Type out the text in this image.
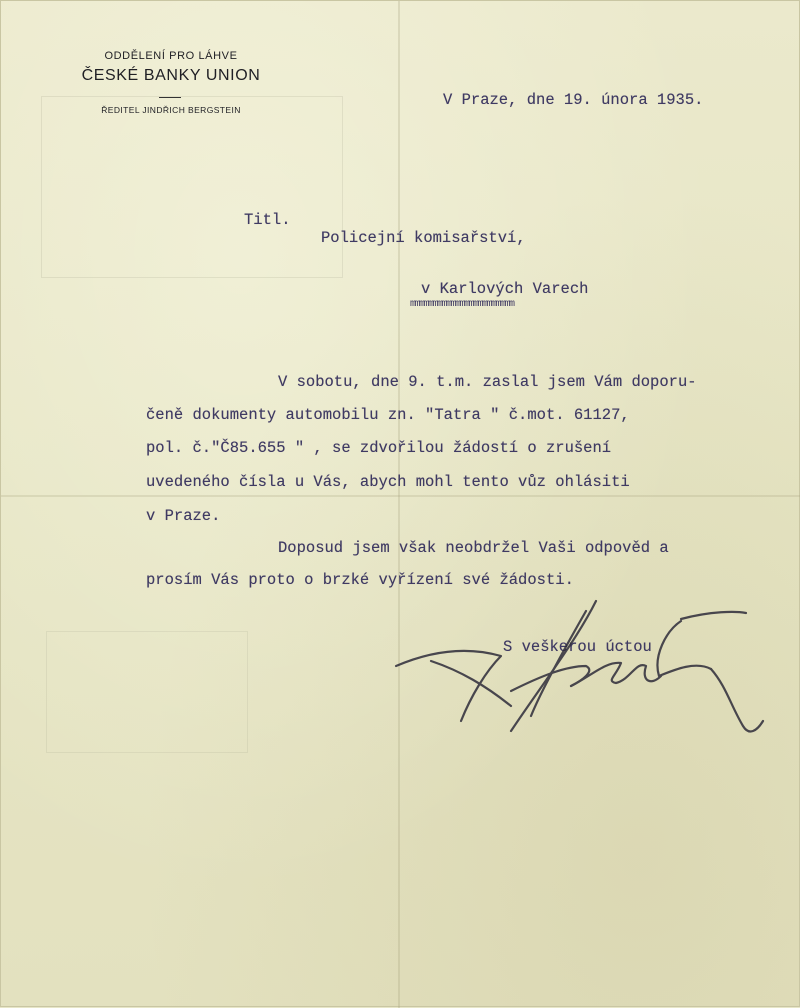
ODDĚLENÍ PRO LÁHVE
ČESKÉ BANKY UNION
ŘEDITEL JINDŘICH BERGSTEIN
V Praze, dne 19. února 1935.
Titl.
Policejní komisařství,
v Karlových Varech
mmmmmmmmmmmmmmmmmmmmmmm
V sobotu, dne 9. t.m. zaslal jsem Vám doporu-
čeně dokumenty automobilu zn. "Tatra " č.mot. 61127,
pol. č."Č85.655 " , se zdvořilou žádostí o zrušení
uvedeného čísla u Vás, abych mohl tento vůz ohlásiti
v Praze.
Doposud jsem však neobdržel Vaši odpověd a
prosím Vás proto o brzké vyřízení své žádosti.
S veškerou úctou
